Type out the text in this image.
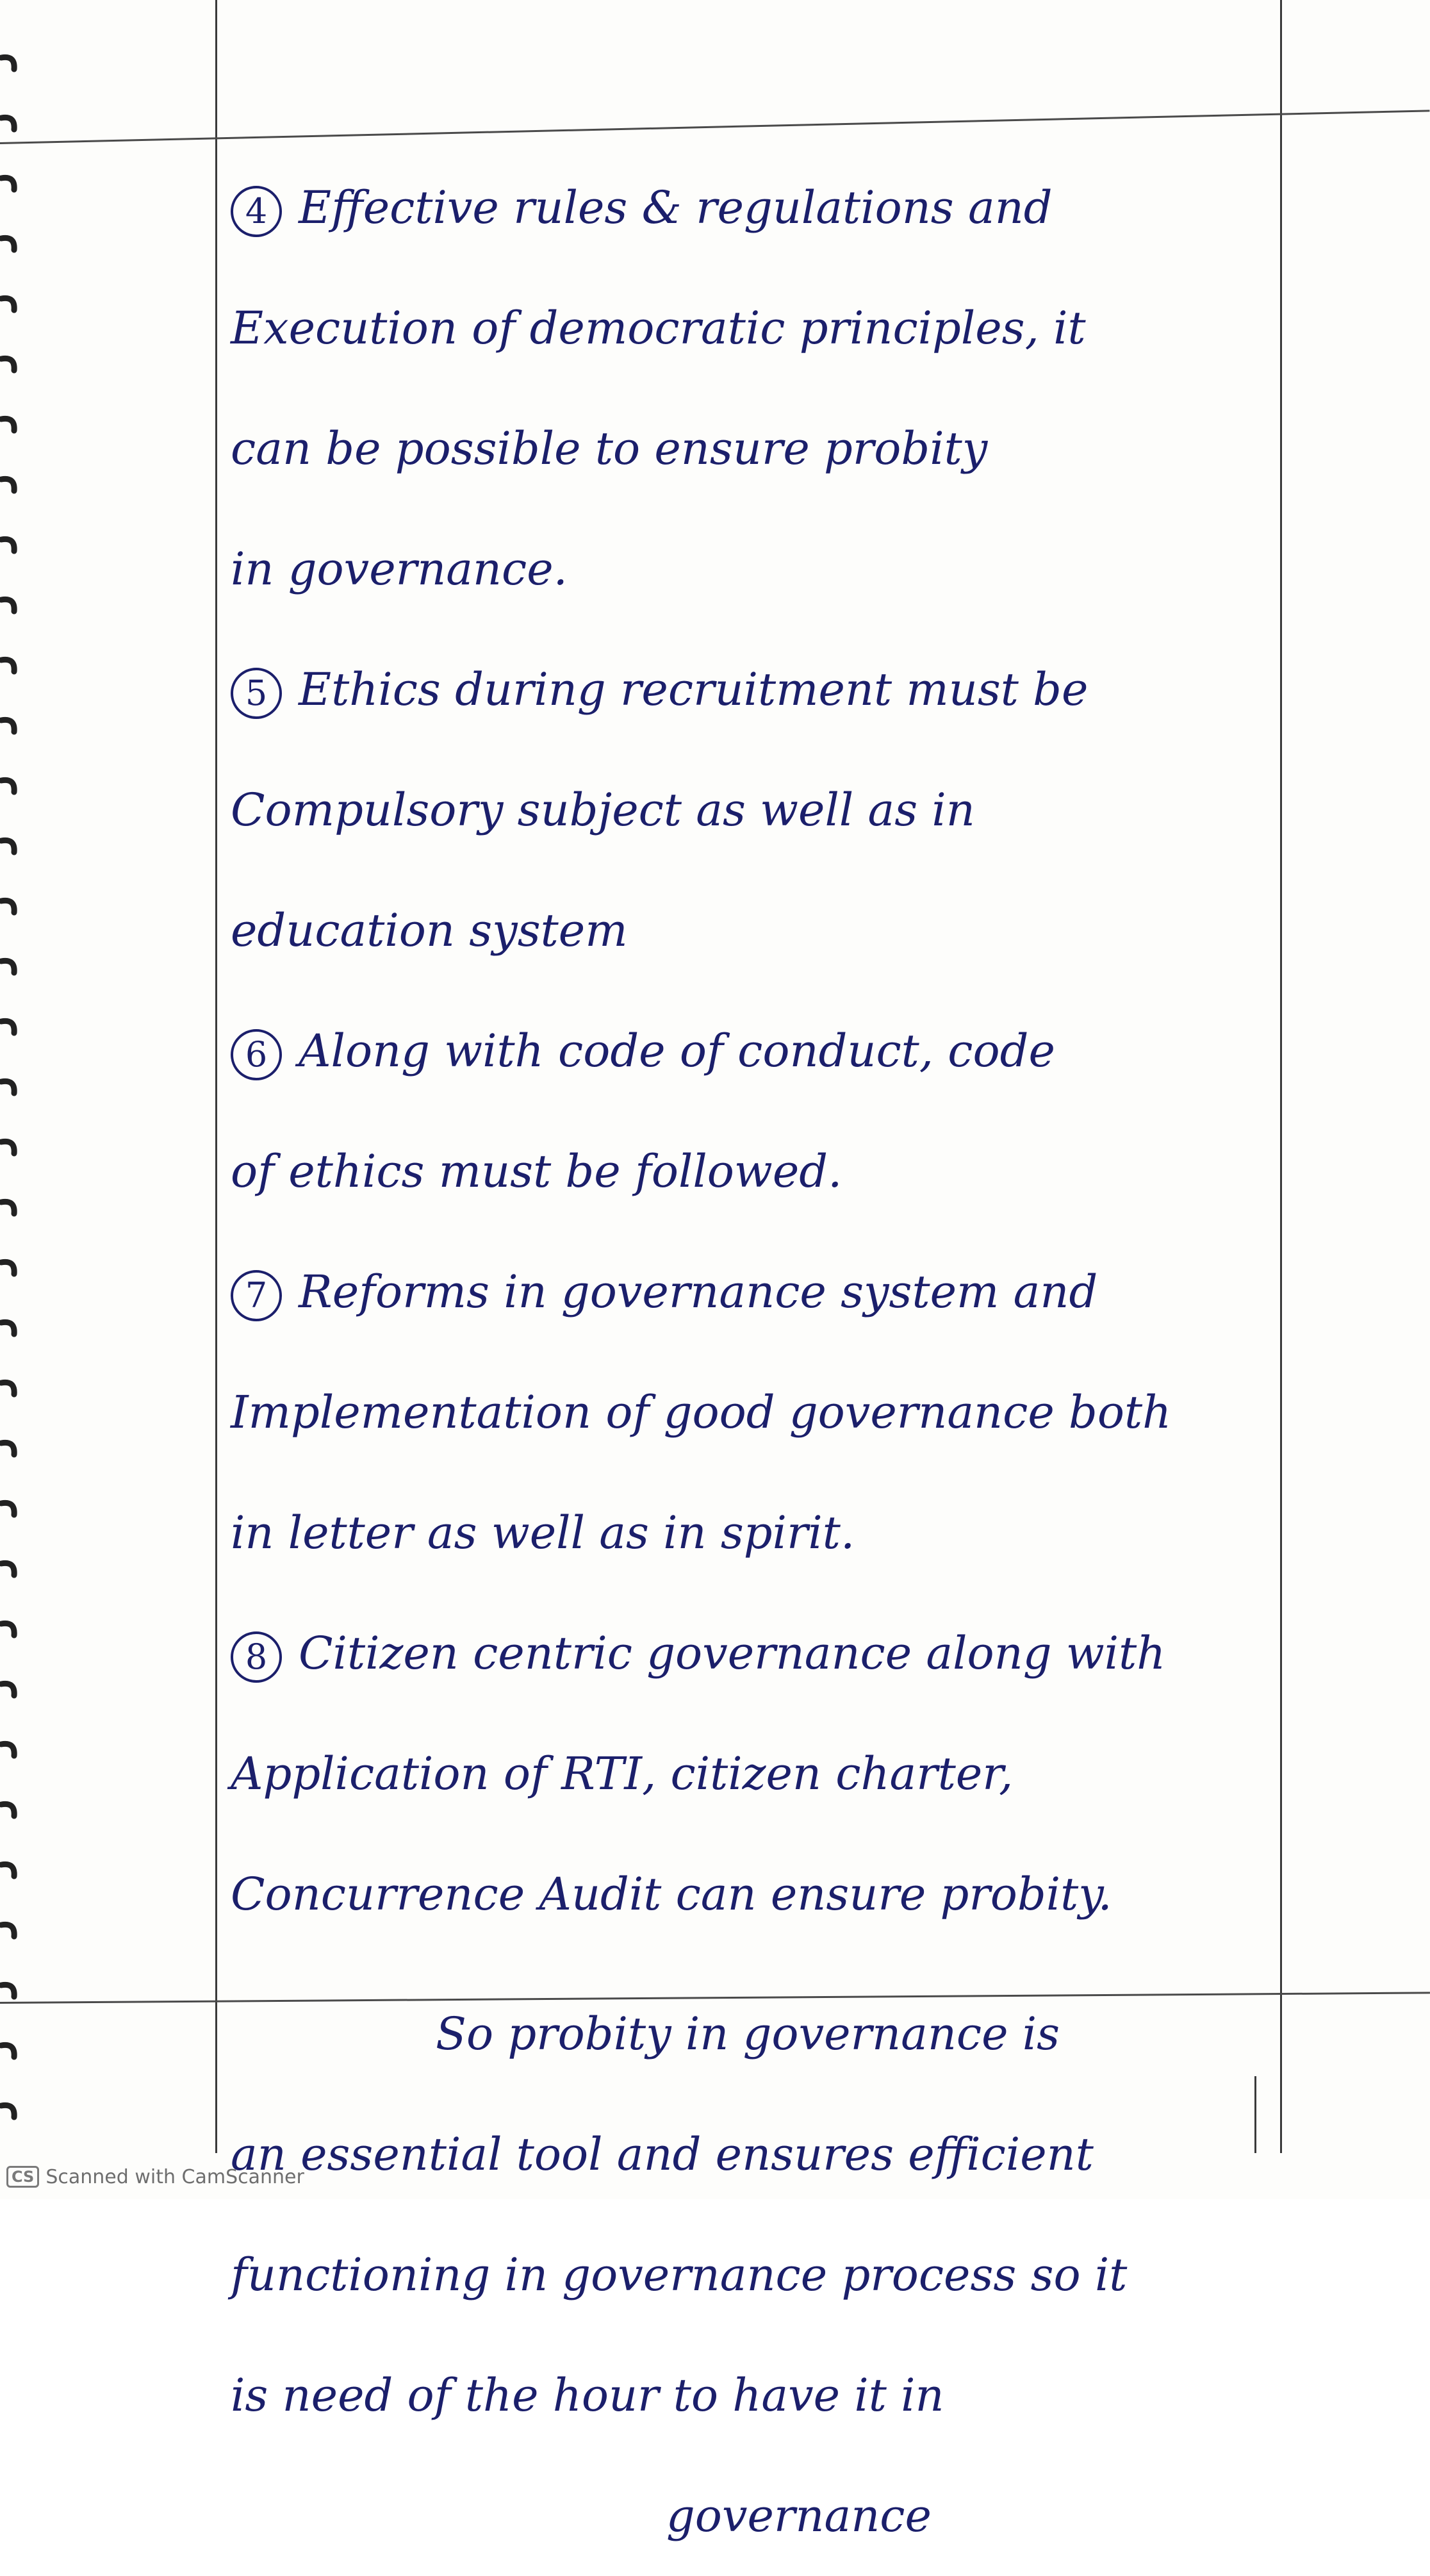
4 Effective rules & regulations and
Execution of democratic principles, it
can be possible to ensure probity
in governance.
5 Ethics during recruitment must be
Compulsory subject as well as in
education system
6 Along with code of conduct, code
of ethics must be followed.
7 Reforms in governance system and
Implementation of good governance both
in letter as well as in spirit.
8 Citizen centric governance along with
Application of RTI, citizen charter,
Concurrence Audit can ensure probity.
So probity in governance is
an essential tool and ensures efficient
functioning in governance process so it
is need of the hour to have it in
governance
CS Scanned with CamScanner
